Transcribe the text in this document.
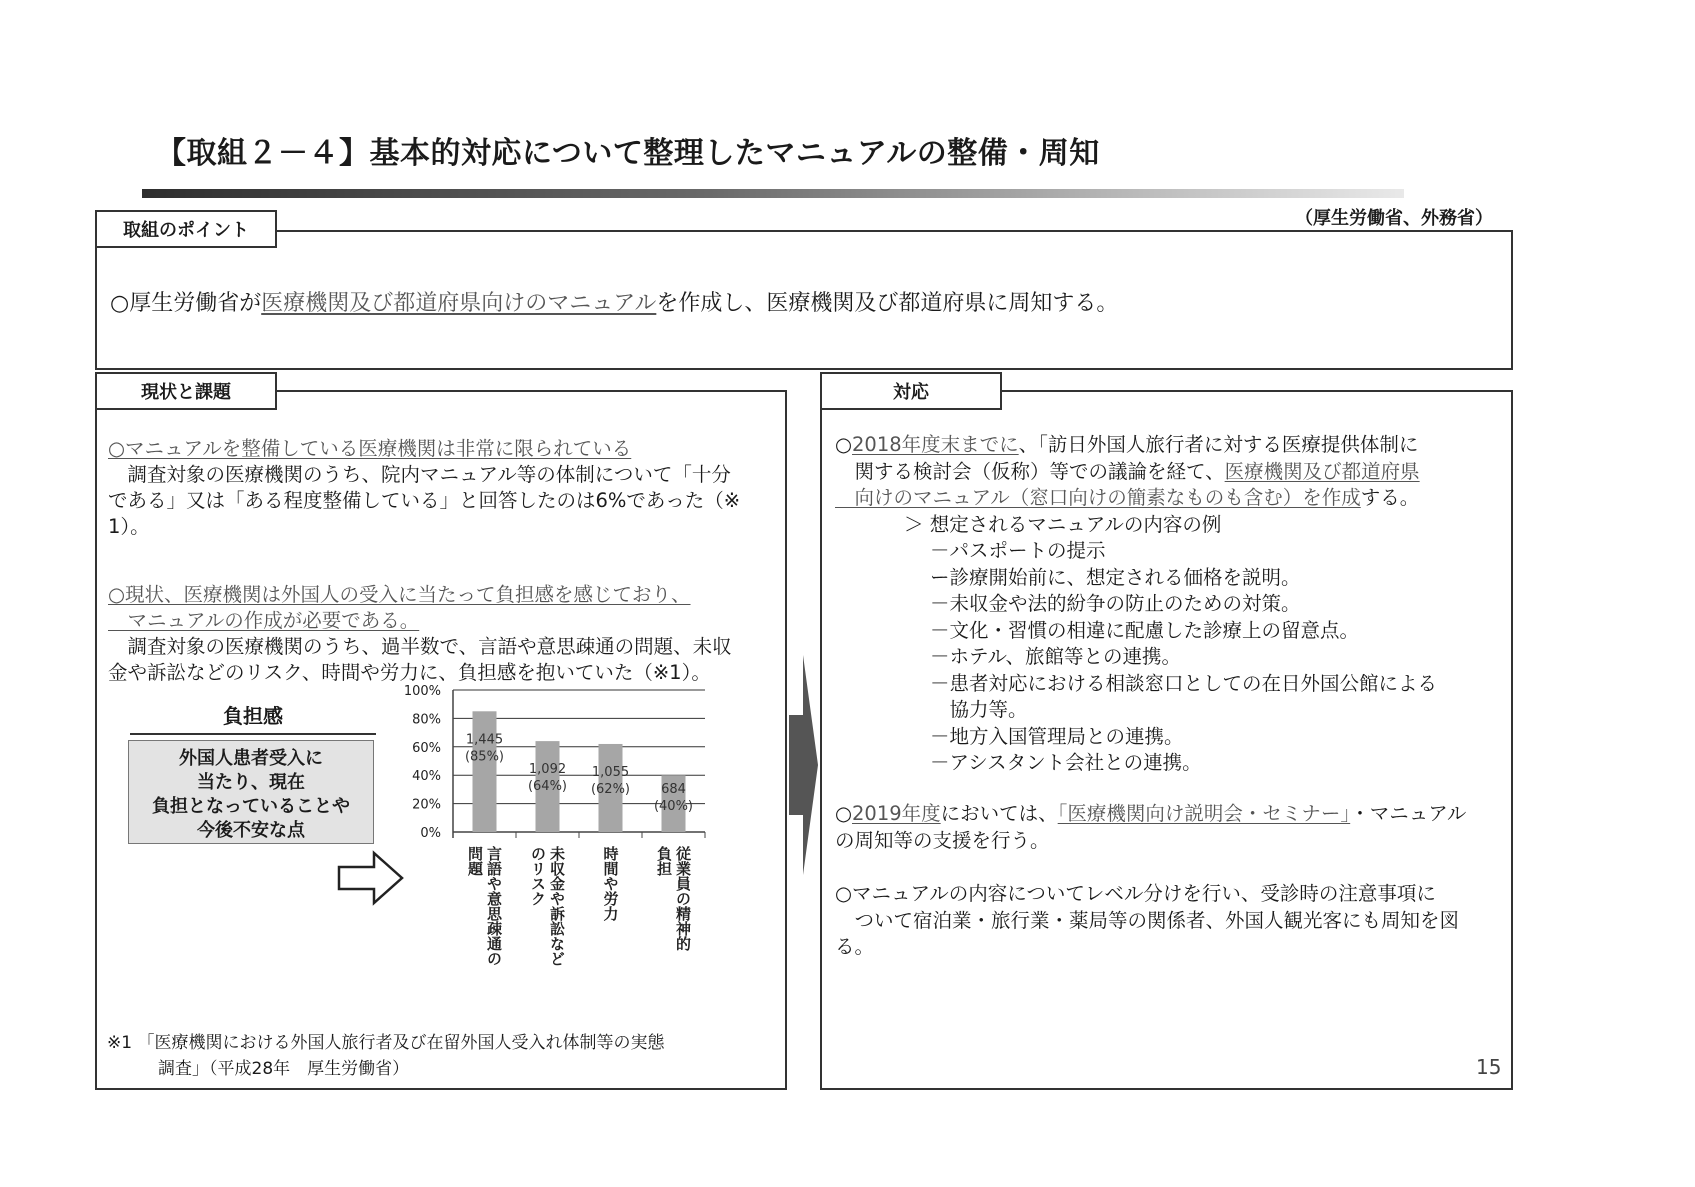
【取組２－４】基本的対応について整理したマニュアルの整備・周知
（厚生労働省、外務省）
取組のポイント
○厚生労働省が医療機関及び都道府県向けのマニュアルを作成し、医療機関及び都道府県に周知する。
現状と課題
○マニュアルを整備している医療機関は非常に限られている
　調査対象の医療機関のうち、院内マニュアル等の体制について「十分
である」又は「ある程度整備している」と回答したのは6%であった（※
1）。
○現状、医療機関は外国人の受入に当たって負担感を感じており、
　マニュアルの作成が必要である。
　調査対象の医療機関のうち、過半数で、言語や意思疎通の問題、未収
金や訴訟などのリスク、時間や労力に、負担感を抱いていた（※1）。
負担感
外国人患者受入に
当たり、現在
負担となっていることや
今後不安な点	0%
20%
40%
60%
80%
100%
1,445
(85%)
言語や意思疎通の
問題
1,092
(64%)
未収金や訴訟など
のリスク
1,055
(62%)
時間や労力
684
(40%)
従業員の精神的
負担
※1 「医療機関における外国人旅行者及び在留外国人受入れ体制等の実態
　　　調査」（平成28年　厚生労働省）
対応
○2018年度末までに、「訪日外国人旅行者に対する医療提供体制に
　関する検討会（仮称）等での議論を経て、医療機関及び都道府県
　向けのマニュアル（窓口向けの簡素なものも含む）を作成する。
＞ 想定されるマニュアルの内容の例
－パスポートの提示
ー診療開始前に、想定される価格を説明。
－未収金や法的紛争の防止のための対策。
－文化・習慣の相違に配慮した診療上の留意点。
－ホテル、旅館等との連携。
－患者対応における相談窓口としての在日外国公館による
　協力等。
－地方入国管理局との連携。
－アシスタント会社との連携。
○2019年度においては、「医療機関向け説明会・セミナー」・マニュアル
の周知等の支援を行う。
○マニュアルの内容についてレベル分けを行い、受診時の注意事項に
　ついて宿泊業・旅行業・薬局等の関係者、外国人観光客にも周知を図
る。
15
